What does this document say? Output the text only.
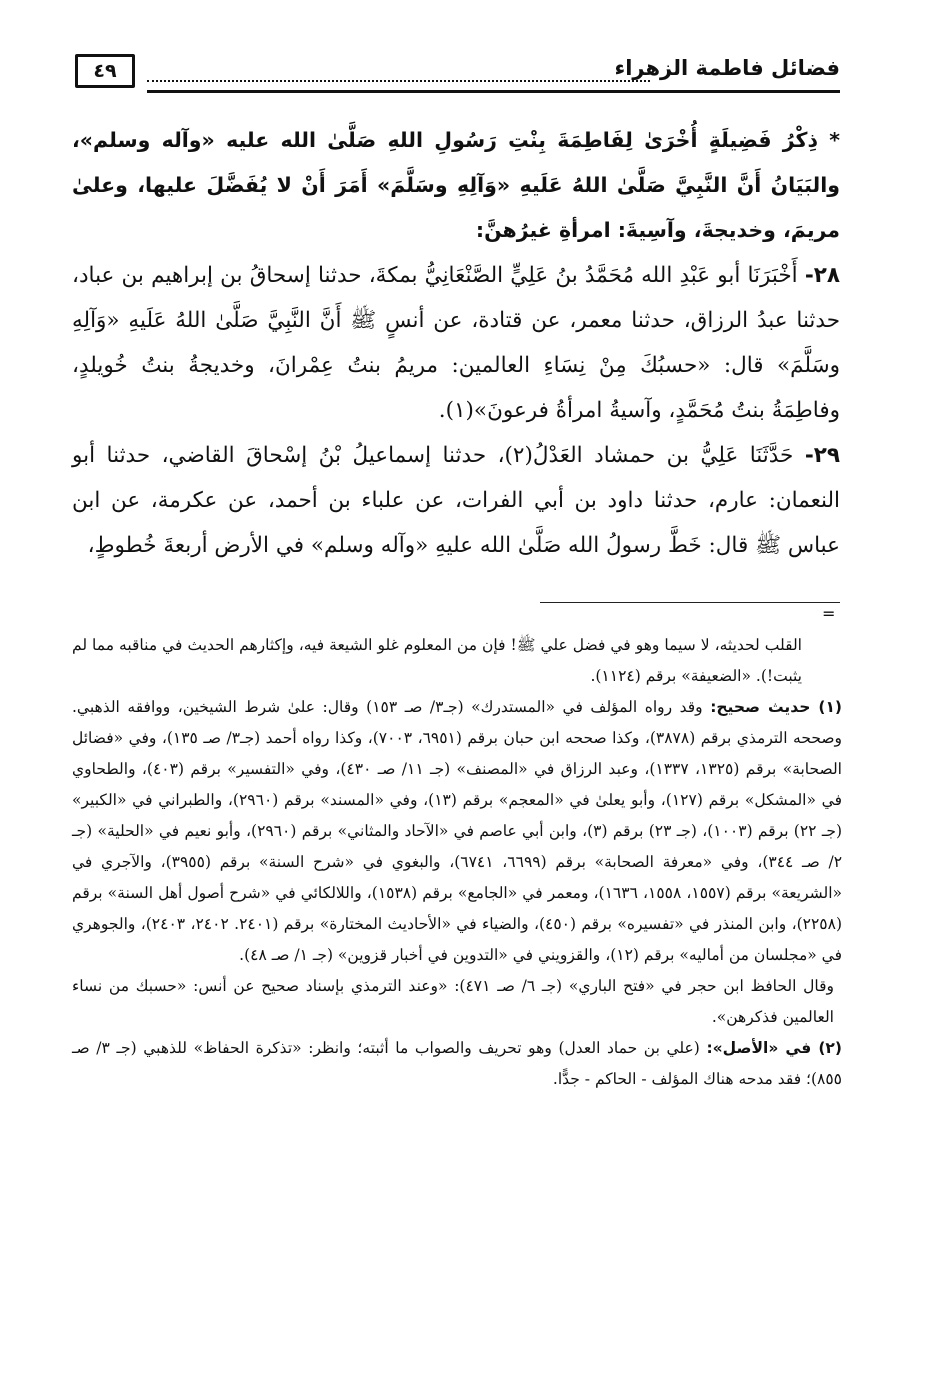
٤٩	فضائل فاطمة الزهراء

* ذِكْرُ فَضِيلَةٍ أُخْرَىٰ لِفَاطِمَةَ بِنْتِ رَسُولِ اللهِ صَلَّىٰ الله عليه «وآله وسلم»، والبَيَانُ أَنَّ النَّبِيَّ صَلَّىٰ اللهُ عَلَيهِ «وَآلِهِ وسَلَّمَ» أَمَرَ أَنْ لا يُفَضَّلَ عليها، وعلىٰ مريمَ، وخديجةَ، وآسِيةَ: امرأةِ غيرُهنَّ:

٢٨- أَخْبَرَنَا أبو عَبْدِ الله مُحَمَّدُ بنُ عَلِيٍّ الصَّنْعَانِيُّ بمكةَ، حدثنا إسحاقُ بن إبراهيم بن عباد، حدثنا عبدُ الرزاق، حدثنا معمر، عن قتادة، عن أنسٍ ﷺ أَنَّ النَّبِيَّ صَلَّىٰ اللهُ عَلَيهِ «وَآلِهِ وسَلَّمَ» قال: «حسبُكَ مِنْ نِسَاءِ العالمين: مريمُ بنتُ عِمْرانَ، وخديجةُ بنتُ خُويلدٍ، وفاطِمَةُ بنتُ مُحَمَّدٍ، وآسيةُ امرأةُ فرعونَ»(١).

٢٩- حَدَّثَنَا عَلِيُّ بن حمشاد العَدْلُ(٢)، حدثنا إسماعيلُ بْنُ إسْحاقَ القاضي، حدثنا أبو النعمان: عارم، حدثنا داود بن أبي الفرات، عن علباء بن أحمد، عن عكرمة، عن ابن عباس ﷺ قال: خَطَّ رسولُ الله صَلَّىٰ الله عليهِ «وآله وسلم» في الأرض أربعةَ خُطوطٍ،

=

القلب لحديثه، لا سيما وهو في فضل علي ﷺ! فإن من المعلوم غلو الشيعة فيه، وإكثارهم الحديث في مناقبه مما لم يثبت!). «الضعيفة» برقم (١١٢٤).

(١) حديث صحيح: وقد رواه المؤلف في «المستدرك» (جـ٣/ صـ ١٥٣) وقال: علىٰ شرط الشيخين، ووافقه الذهبي. وصححه الترمذي برقم (٣٨٧٨)، وكذا صححه ابن حبان برقم (٦٩٥١، ٧٠٠٣)، وكذا رواه أحمد (جـ٣/ صـ ١٣٥)، وفي «فضائل الصحابة» برقم (١٣٢٥، ١٣٣٧)، وعبد الرزاق في «المصنف» (جـ ١١/ صـ ٤٣٠)، وفي «التفسير» برقم (٤٠٣)، والطحاوي في «المشكل» برقم (١٢٧)، وأبو يعلىٰ في «المعجم» برقم (١٣)، وفي «المسند» برقم (٢٩٦٠)، والطبراني في «الكبير» (جـ ٢٢) برقم (١٠٠٣)، (جـ ٢٣) برقم (٣)، وابن أبي عاصم في «الآحاد والمثاني» برقم (٢٩٦٠)، وأبو نعيم في «الحلية» (جـ ٢/ صـ ٣٤٤)، وفي «معرفة الصحابة» برقم (٦٦٩٩، ٦٧٤١)، والبغوي في «شرح السنة» برقم (٣٩٥٥)، والآجري في «الشريعة» برقم (١٥٥٧، ١٥٥٨، ١٦٣٦)، ومعمر في «الجامع» برقم (١٥٣٨)، واللالكائي في «شرح أصول أهل السنة» برقم (٢٢٥٨)، وابن المنذر في «تفسيره» برقم (٤٥٠)، والضياء في «الأحاديث المختارة» برقم (٢٤٠١. ٢٤٠٢، ٢٤٠٣)، والجوهري في «مجلسان من أماليه» برقم (١٢)، والقزويني في «التدوين في أخبار قزوين» (جـ ١/ صـ ٤٨).

وقال الحافظ ابن حجر في «فتح الباري» (جـ ٦/ صـ ٤٧١): «وعند الترمذي بإسناد صحيح عن أنس: «حسبك من نساء العالمين فذكرهن».

(٢) في «الأصل»: (علي بن حماد العدل) وهو تحريف والصواب ما أثبته؛ وانظر: «تذكرة الحفاظ» للذهبي (جـ ٣/ صـ ٨٥٥)؛ فقد مدحه هناك المؤلف - الحاكم - جدًّا.
